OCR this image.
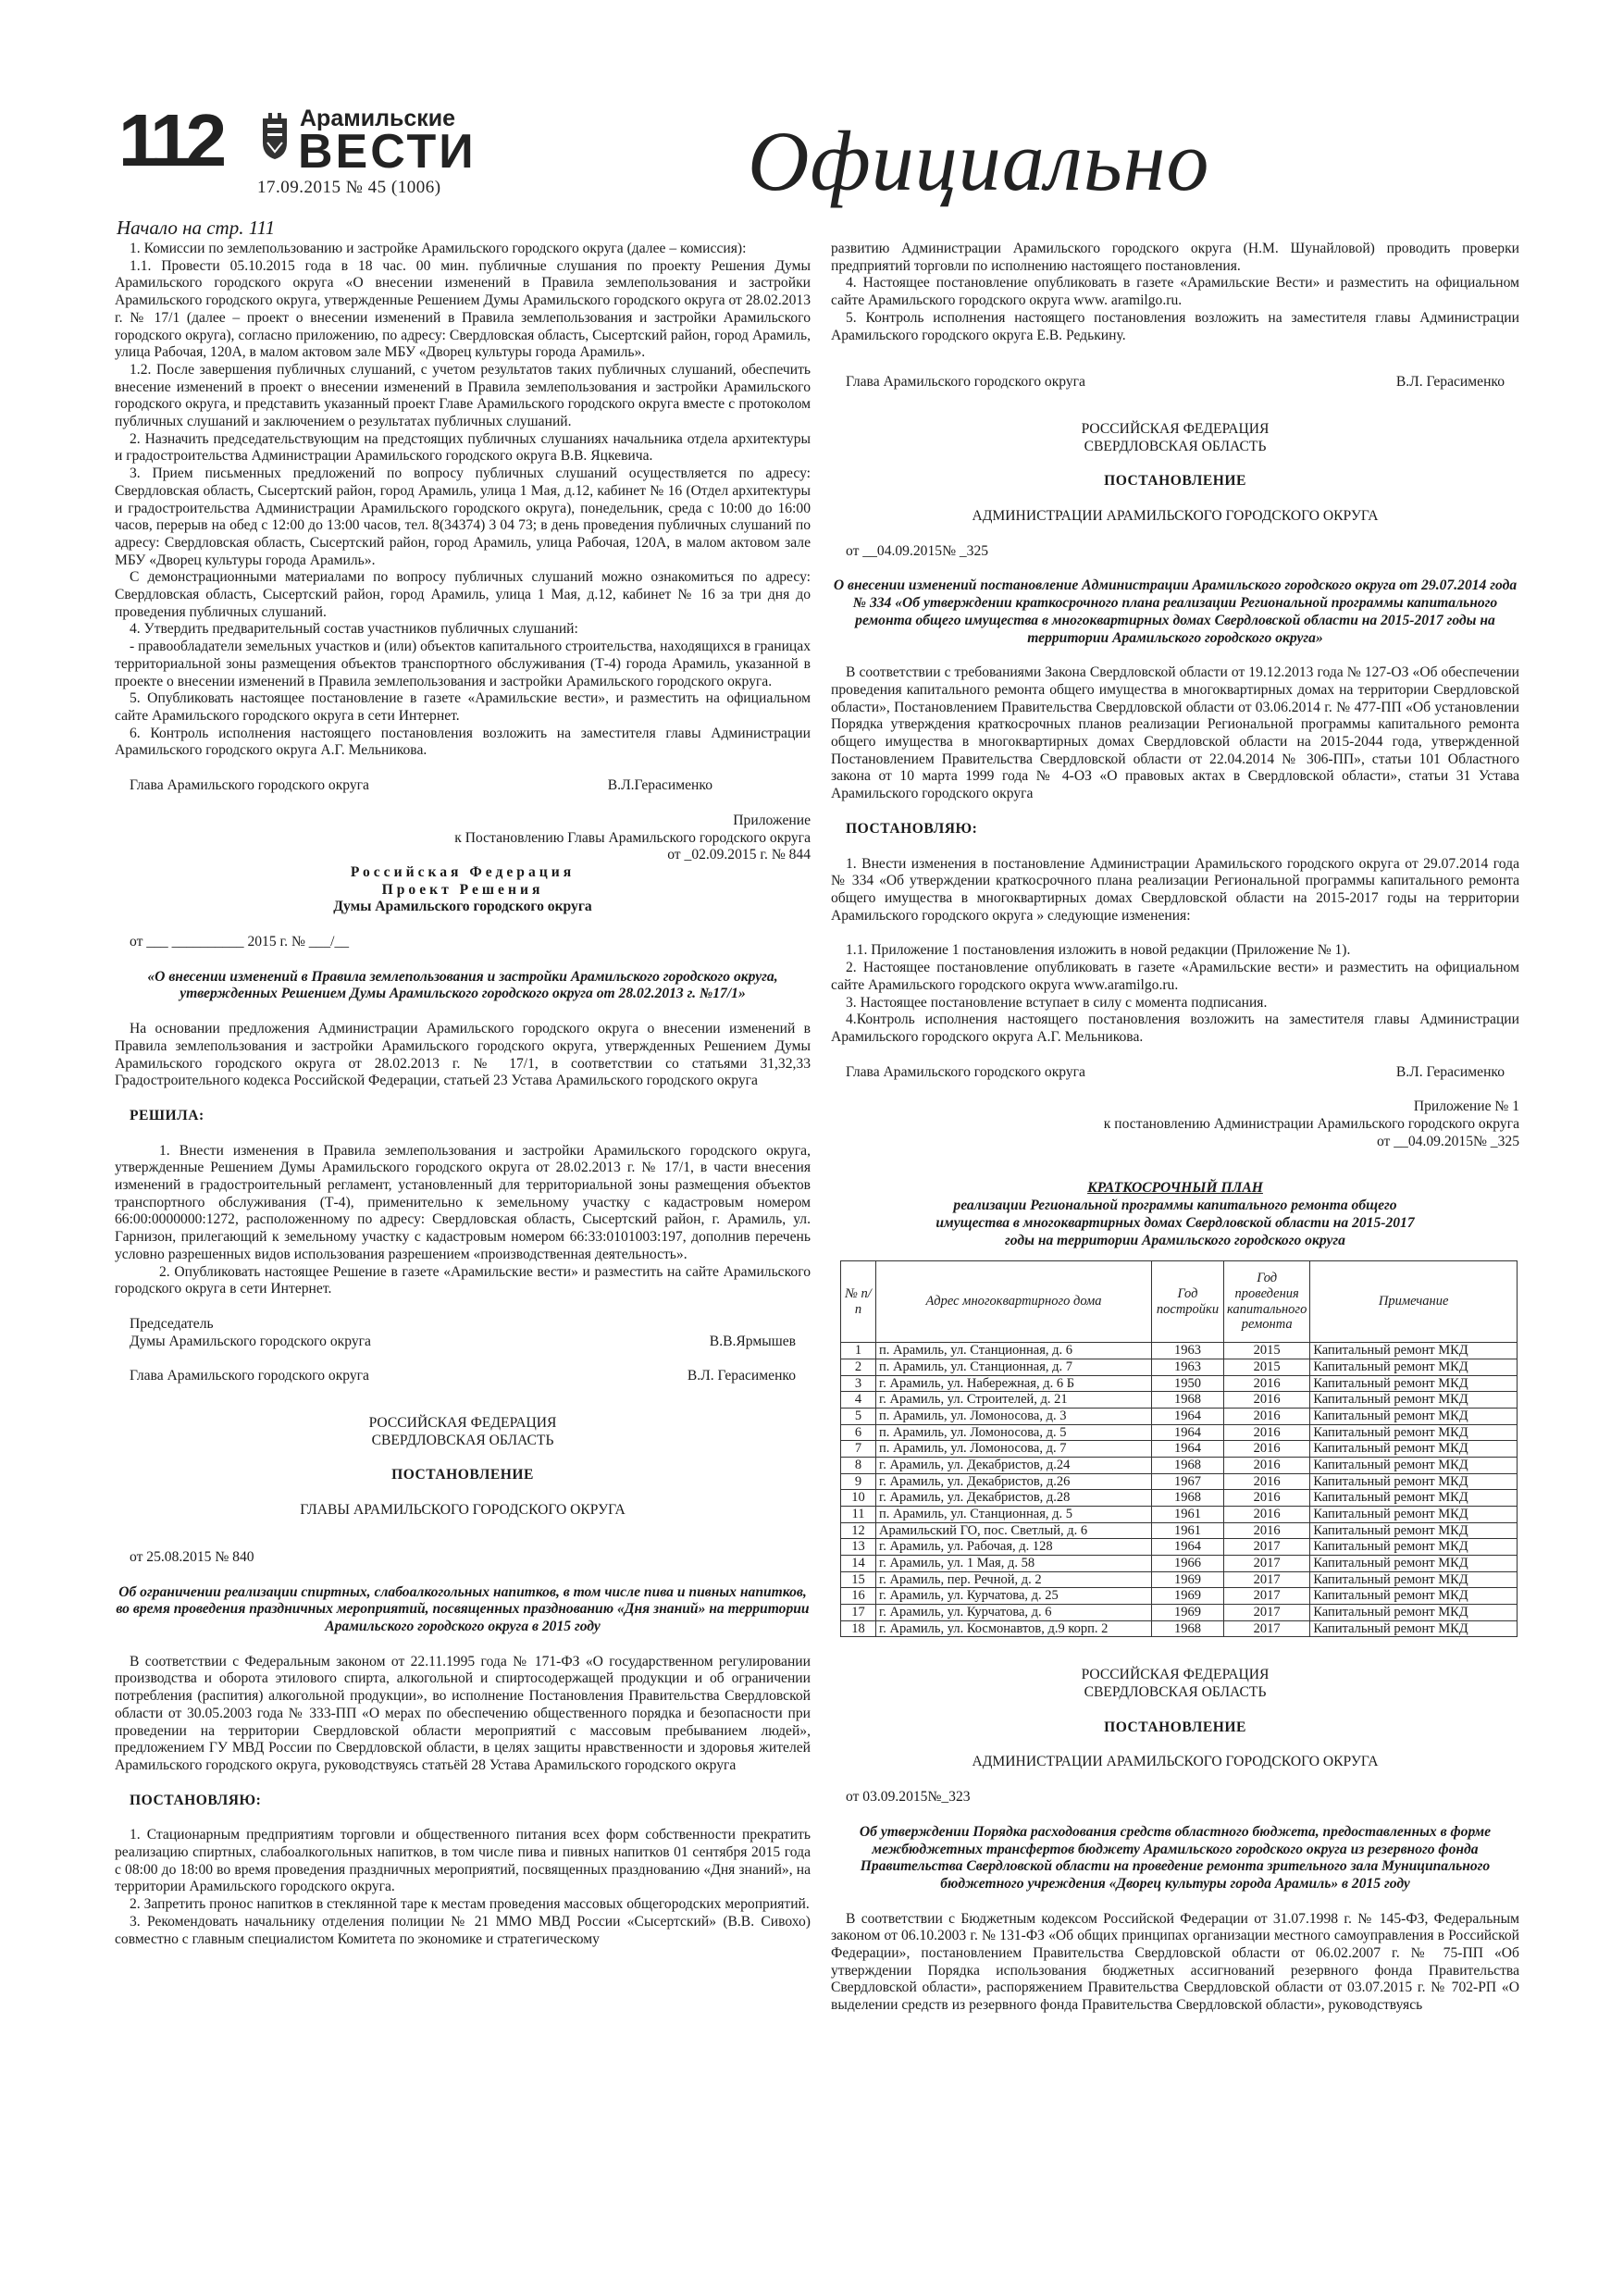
112	Арамильские
ВЕСТИ
17.09.2015 № 45 (1006)	Официально
Начало на стр. 111

1. Комиссии по землепользованию и застройке Арамильского городского округа (далее – комиссия):

1.1. Провести 05.10.2015 года в 18 час. 00 мин. публичные слушания по проекту Решения Думы Арамильского городского округа «О внесении изменений в Правила землепользования и застройки Арамильского городского округа, утвержденные Решением Думы Арамильского городского округа от 28.02.2013 г. № 17/1 (далее – проект о внесении изменений в Правила землепользования и застройки Арамильского городского округа), согласно приложению, по адресу: Свердловская область, Сысертский район, город Арамиль, улица Рабочая, 120А, в малом актовом зале МБУ «Дворец культуры города Арамиль».

1.2. После завершения публичных слушаний, с учетом результатов таких публичных слушаний, обеспечить внесение изменений в проект о внесении изменений в Правила землепользования и застройки Арамильского городского округа, и представить указанный проект Главе Арамильского городского округа вместе с протоколом публичных слушаний и заключением о результатах публичных слушаний.

2. Назначить председательствующим на предстоящих публичных слушаниях начальника отдела архитектуры и градостроительства Администрации Арамильского городского округа В.В. Яцкевича.

3. Прием письменных предложений по вопросу публичных слушаний осуществляется по адресу: Свердловская область, Сысертский район, город Арамиль, улица 1 Мая, д.12, кабинет № 16 (Отдел архитектуры и градостроительства Администрации Арамильского городского округа), понедельник, среда с 10:00 до 16:00 часов, перерыв на обед с 12:00 до 13:00 часов, тел. 8(34374) 3 04 73; в день проведения публичных слушаний по адресу: Свердловская область, Сысертский район, город Арамиль, улица Рабочая, 120А, в малом актовом зале МБУ «Дворец культуры города Арамиль».

С демонстрационными материалами по вопросу публичных слушаний можно ознакомиться по адресу: Свердловская область, Сысертский район, город Арамиль, улица 1 Мая, д.12, кабинет № 16 за три дня до проведения публичных слушаний.

4. Утвердить предварительный состав участников публичных слушаний:

- правообладатели земельных участков и (или) объектов капитального строительства, находящихся в границах территориальной зоны размещения объектов транспортного обслуживания (Т-4) города Арамиль, указанной в проекте о внесении изменений в Правила землепользования и застройки Арамильского городского округа.

5. Опубликовать настоящее постановление в газете «Арамильские вести», и разместить на официальном сайте Арамильского городского округа в сети Интернет.

6. Контроль исполнения настоящего постановления возложить на заместителя главы Администрации Арамильского городского округа А.Г. Мельникова.

Глава Арамильского городского округа	В.Л.Герасименко

Приложение

к Постановлению Главы Арамильского городского округа

от _02.09.2015 г. № 844

Российская Федерация

Проект Решения

Думы Арамильского городского округа

от ___ __________ 2015 г. № ___/__

«О внесении изменений в Правила землепользования и застройки Арамильского городского округа, утвержденных Решением Думы Арамильского городского округа от 28.02.2013 г. №17/1»

На основании предложения Администрации Арамильского городского округа о внесении изменений в Правила землепользования и застройки Арамильского городского округа, утвержденных Решением Думы Арамильского городского округа от 28.02.2013 г. № 17/1, в соответствии со статьями 31,32,33 Градостроительного кодекса Российской Федерации, статьей 23 Устава Арамильского городского округа

РЕШИЛА:

1. Внести изменения в Правила землепользования и застройки Арамильского городского округа, утвержденные Решением Думы Арамильского городского округа от 28.02.2013 г. № 17/1, в части внесения изменений в градостроительный регламент, установленный для территориальной зоны размещения объектов транспортного обслуживания (Т-4), применительно к земельному участку с кадастровым номером 66:00:0000000:1272, расположенному по адресу: Свердловская область, Сысертский район, г. Арамиль, ул. Гарнизон, прилегающий к земельному участку с кадастровым номером 66:33:0101003:197, дополнив перечень условно разрешенных видов использования разрешением «производственная деятельность».

2. Опубликовать настоящее Решение в газете «Арамильские вести» и разместить на сайте Арамильского городского округа в сети Интернет.

Председатель

Думы Арамильского городского округа	В.В.Ярмышев
Глава Арамильского городского округа	В.Л. Герасименко

РОССИЙСКАЯ ФЕДЕРАЦИЯ

СВЕРДЛОВСКАЯ ОБЛАСТЬ

ПОСТАНОВЛЕНИЕ

ГЛАВЫ АРАМИЛЬСКОГО ГОРОДСКОГО ОКРУГА

от 25.08.2015 № 840

Об ограничении реализации спиртных, слабоалкогольных напитков, в том числе пива и пивных напитков, во время проведения праздничных мероприятий, посвященных празднованию «Дня знаний» на территории Арамильского городского округа в 2015 году

В соответствии с Федеральным законом от 22.11.1995 года № 171-ФЗ «О государственном регулировании производства и оборота этилового спирта, алкогольной и спиртосодержащей продукции и об ограничении потребления (распития) алкогольной продукции», во исполнение Постановления Правительства Свердловской области от 30.05.2003 года № 333-ПП «О мерах по обеспечению общественного порядка и безопасности при проведении на территории Свердловской области мероприятий с массовым пребыванием людей», предложением ГУ МВД России по Свердловской области, в целях защиты нравственности и здоровья жителей Арамильского городского округа, руководствуясь статьёй 28 Устава Арамильского городского округа

ПОСТАНОВЛЯЮ:

1. Стационарным предприятиям торговли и общественного питания всех форм собственности прекратить реализацию спиртных, слабоалкогольных напитков, в том числе пива и пивных напитков 01 сентября 2015 года с 08:00 до 18:00 во время проведения праздничных мероприятий, посвященных празднованию «Дня знаний», на территории Арамильского городского округа.

2. Запретить пронос напитков в стеклянной таре к местам проведения массовых общегородских мероприятий.

3. Рекомендовать начальнику отделения полиции № 21 ММО МВД России «Сысертский» (В.В. Сивохо) совместно с главным специалистом Комитета по экономике и стратегическому

развитию Администрации Арамильского городского округа (Н.М. Шунайловой) проводить проверки предприятий торговли по исполнению настоящего постановления.

4. Настоящее постановление опубликовать в газете «Арамильские Вести» и разместить на официальном сайте Арамильского городского округа www. aramilgo.ru.

5. Контроль исполнения настоящего постановления возложить на заместителя главы Администрации Арамильского городского округа Е.В. Редькину.

Глава Арамильского городского округа	В.Л. Герасименко

РОССИЙСКАЯ ФЕДЕРАЦИЯ

СВЕРДЛОВСКАЯ ОБЛАСТЬ

ПОСТАНОВЛЕНИЕ

АДМИНИСТРАЦИИ АРАМИЛЬСКОГО ГОРОДСКОГО ОКРУГА

от __04.09.2015№ _325

О внесении изменений постановление Администрации Арамильского городского округа от 29.07.2014 года № 334 «Об утверждении краткосрочного плана реализации Региональной программы капитального ремонта общего имущества в многоквартирных домах Свердловской области на 2015-2017 годы на территории Арамильского городского округа»

В соответствии с требованиями Закона Свердловской области от 19.12.2013 года № 127-ОЗ «Об обеспечении проведения капитального ремонта общего имущества в многоквартирных домах на территории Свердловской области», Постановлением Правительства Свердловской области от 03.06.2014 г. № 477-ПП «Об установлении Порядка утверждения краткосрочных планов реализации Региональной программы капитального ремонта общего имущества в многоквартирных домах Свердловской области на 2015-2044 года, утвержденной Постановлением Правительства Свердловской области от 22.04.2014 № 306-ПП», статьи 101 Областного закона от 10 марта 1999 года № 4-ОЗ «О правовых актах в Свердловской области», статьи 31 Устава Арамильского городского округа

ПОСТАНОВЛЯЮ:

1. Внести изменения в постановление Администрации Арамильского городского округа от 29.07.2014 года № 334 «Об утверждении краткосрочного плана реализации Региональной программы капитального ремонта общего имущества в многоквартирных домах Свердловской области на 2015-2017 годы на территории Арамильского городского округа » следующие изменения:

1.1. Приложение 1 постановления изложить в новой редакции (Приложение № 1).

2. Настоящее постановление опубликовать в газете «Арамильские вести» и разместить на официальном сайте Арамильского городского округа www.aramilgo.ru.

3. Настоящее постановление вступает в силу с момента подписания.

4.Контроль исполнения настоящего постановления возложить на заместителя главы Администрации Арамильского городского округа А.Г. Мельникова.

Глава Арамильского городского округа	В.Л. Герасименко

Приложение № 1

к постановлению Администрации Арамильского городского округа

от __04.09.2015№ _325

КРАТКОСРОЧНЫЙ ПЛАН

реализации Региональной программы капитального ремонта общего имущества в многоквартирных домах Свердловской области на 2015-2017 годы на территории Арамильского городского округа

№ п/п	Адрес многоквартирного дома	Год постройки	Год проведения капитального ремонта	Примечание
1	п. Арамиль, ул. Станционная, д. 6	1963	2015	Капитальный ремонт МКД
2	п. Арамиль, ул. Станционная, д. 7	1963	2015	Капитальный ремонт МКД
3	г. Арамиль, ул. Набережная, д. 6 Б	1950	2016	Капитальный ремонт МКД
4	г. Арамиль, ул. Строителей, д. 21	1968	2016	Капитальный ремонт МКД
5	п. Арамиль, ул. Ломоносова, д. 3	1964	2016	Капитальный ремонт МКД
6	п. Арамиль, ул. Ломоносова, д. 5	1964	2016	Капитальный ремонт МКД
7	п. Арамиль, ул. Ломоносова, д. 7	1964	2016	Капитальный ремонт МКД
8	г. Арамиль, ул. Декабристов, д.24	1968	2016	Капитальный ремонт МКД
9	г. Арамиль, ул. Декабристов, д.26	1967	2016	Капитальный ремонт МКД
10	г. Арамиль, ул. Декабристов, д.28	1968	2016	Капитальный ремонт МКД
11	п. Арамиль, ул. Станционная, д. 5	1961	2016	Капитальный ремонт МКД
12	Арамильский ГО, пос. Светлый, д. 6	1961	2016	Капитальный ремонт МКД
13	г. Арамиль, ул. Рабочая, д. 128	1964	2017	Капитальный ремонт МКД
14	г. Арамиль, ул. 1 Мая, д. 58	1966	2017	Капитальный ремонт МКД
15	г. Арамиль, пер. Речной, д. 2	1969	2017	Капитальный ремонт МКД
16	г. Арамиль, ул. Курчатова, д. 25	1969	2017	Капитальный ремонт МКД
17	г. Арамиль, ул. Курчатова, д. 6	1969	2017	Капитальный ремонт МКД
18	г. Арамиль, ул. Космонавтов, д.9 корп. 2	1968	2017	Капитальный ремонт МКД

РОССИЙСКАЯ ФЕДЕРАЦИЯ

СВЕРДЛОВСКАЯ ОБЛАСТЬ

ПОСТАНОВЛЕНИЕ

АДМИНИСТРАЦИИ АРАМИЛЬСКОГО ГОРОДСКОГО ОКРУГА

от 03.09.2015№_323

Об утверждении Порядка расходования средств областного бюджета, предоставленных в форме межбюджетных трансфертов бюджету Арамильского городского округа из резервного фонда Правительства Свердловской области на проведение ремонта зрительного зала Муниципального бюджетного учреждения «Дворец культуры города Арамиль» в 2015 году

В соответствии с Бюджетным кодексом Российской Федерации от 31.07.1998 г. № 145-ФЗ, Федеральным законом от 06.10.2003 г. № 131-ФЗ «Об общих принципах организации местного самоуправления в Российской Федерации», постановлением Правительства Свердловской области от 06.02.2007 г. № 75-ПП «Об утверждении Порядка использования бюджетных ассигнований резервного фонда Правительства Свердловской области», распоряжением Правительства Свердловской области от 03.07.2015 г. № 702-РП «О выделении средств из резервного фонда Правительства Свердловской области», руководствуясь
